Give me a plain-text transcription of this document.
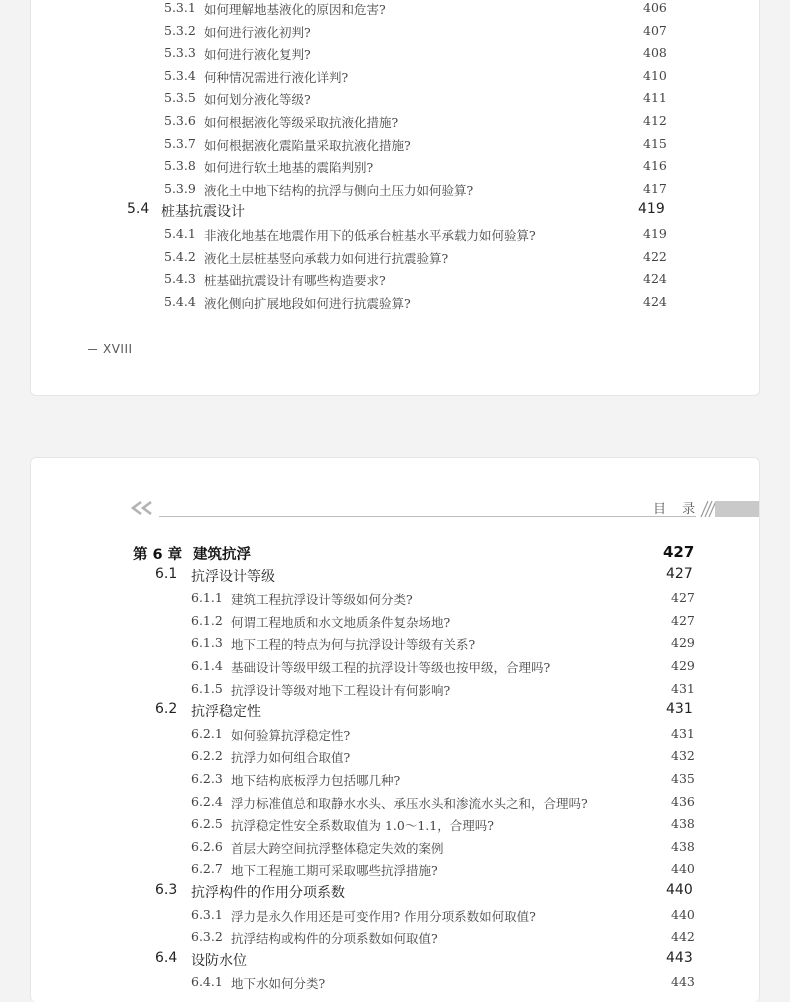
5.3.1 如何理解地基液化的原因和危害?	406
5.3.2 如何进行液化初判?	407
5.3.3 如何进行液化复判?	408
5.3.4 何种情况需进行液化详判?	410
5.3.5 如何划分液化等级?	411
5.3.6 如何根据液化等级采取抗液化措施?	412
5.3.7 如何根据液化震陷量采取抗液化措施?	415
5.3.8 如何进行软土地基的震陷判别?	416
5.3.9 液化土中地下结构的抗浮与侧向土压力如何验算?	417
5.4 桩基抗震设计	419
5.4.1 非液化地基在地震作用下的低承台桩基水平承载力如何验算?	419
5.4.2 液化土层桩基竖向承载力如何进行抗震验算?	422
5.4.3 桩基础抗震设计有哪些构造要求?	424
5.4.4 液化侧向扩展地段如何进行抗震验算?	424
XVIII
目 录
第 6 章 建筑抗浮	427
6.1 抗浮设计等级	427
6.1.1 建筑工程抗浮设计等级如何分类?	427
6.1.2 何谓工程地质和水文地质条件复杂场地?	427
6.1.3 地下工程的特点为何与抗浮设计等级有关系?	429
6.1.4 基础设计等级甲级工程的抗浮设计等级也按甲级，合理吗?	429
6.1.5 抗浮设计等级对地下工程设计有何影响?	431
6.2 抗浮稳定性	431
6.2.1 如何验算抗浮稳定性?	431
6.2.2 抗浮力如何组合取值?	432
6.2.3 地下结构底板浮力包括哪几种?	435
6.2.4 浮力标准值总和取静水水头、承压水头和渗流水头之和，合理吗?	436
6.2.5 抗浮稳定性安全系数取值为 1.0～1.1，合理吗?	438
6.2.6 首层大跨空间抗浮整体稳定失效的案例	438
6.2.7 地下工程施工期可采取哪些抗浮措施?	440
6.3 抗浮构件的作用分项系数	440
6.3.1 浮力是永久作用还是可变作用? 作用分项系数如何取值?	440
6.3.2 抗浮结构或构件的分项系数如何取值?	442
6.4 设防水位	443
6.4.1 地下水如何分类?	443
